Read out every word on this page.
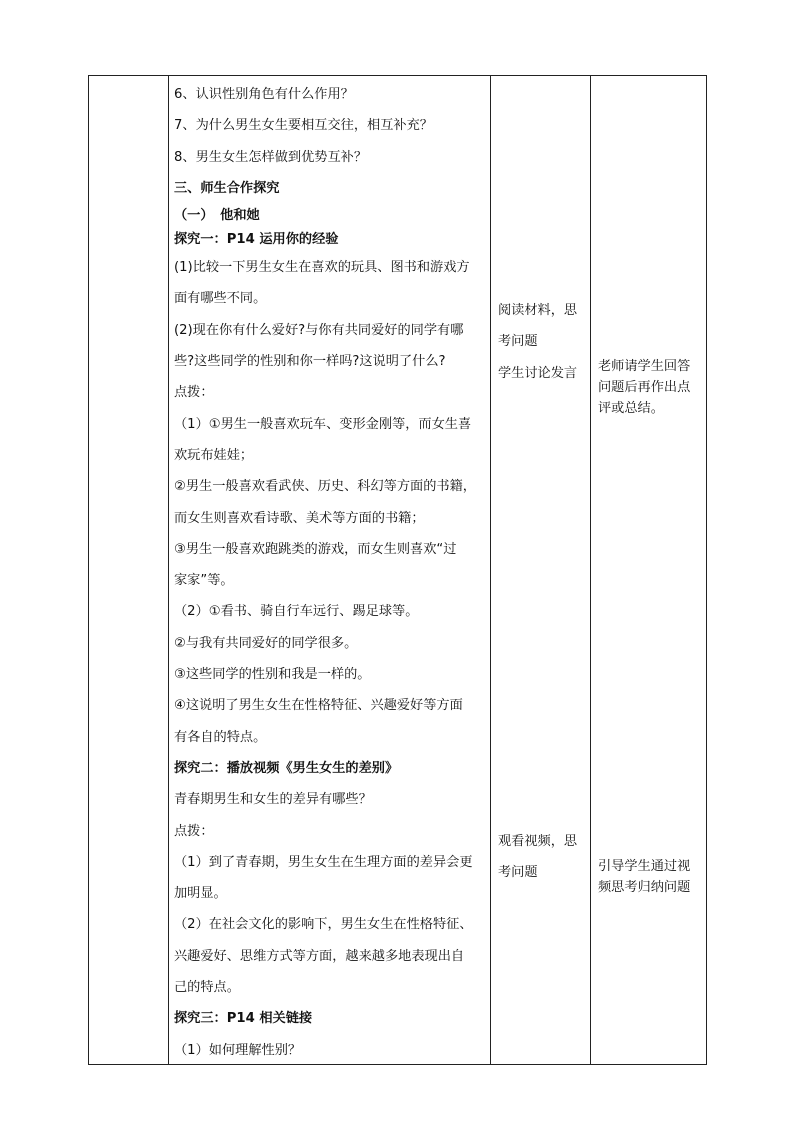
6、认识性别角色有什么作用？
7、为什么男生女生要相互交往，相互补充？
8、男生女生怎样做到优势互补？
三、师生合作探究
（一）　他和她
探究一：P14 运用你的经验
(1)比较一下男生女生在喜欢的玩具、图书和游戏方
面有哪些不同。
(2)现在你有什么爱好?与你有共同爱好的同学有哪
些?这些同学的性别和你一样吗?这说明了什么?
点拨：
（1）①男生一般喜欢玩车、变形金刚等，而女生喜
欢玩布娃娃；
②男生一般喜欢看武侠、历史、科幻等方面的书籍，
而女生则喜欢看诗歌、美术等方面的书籍；
③男生一般喜欢跑跳类的游戏，而女生则喜欢“过
家家”等。
（2）①看书、骑自行车远行、踢足球等。
②与我有共同爱好的同学很多。
③这些同学的性别和我是一样的。
④这说明了男生女生在性格特征、兴趣爱好等方面
有各自的特点。
探究二：播放视频《男生女生的差别》
青春期男生和女生的差异有哪些？
点拨：
（1）到了青春期，男生女生在生理方面的差异会更
加明显。
（2）在社会文化的影响下，男生女生在性格特征、
兴趣爱好、思维方式等方面，越来越多地表现出自
己的特点。
探究三：P14 相关链接
（1）如何理解性别？
阅读材料，思
考问题
学生讨论发言	老师请学生回答
问题后再作出点
评或总结。
观看视频，思
考问题	引导学生通过视
频思考归纳问题
